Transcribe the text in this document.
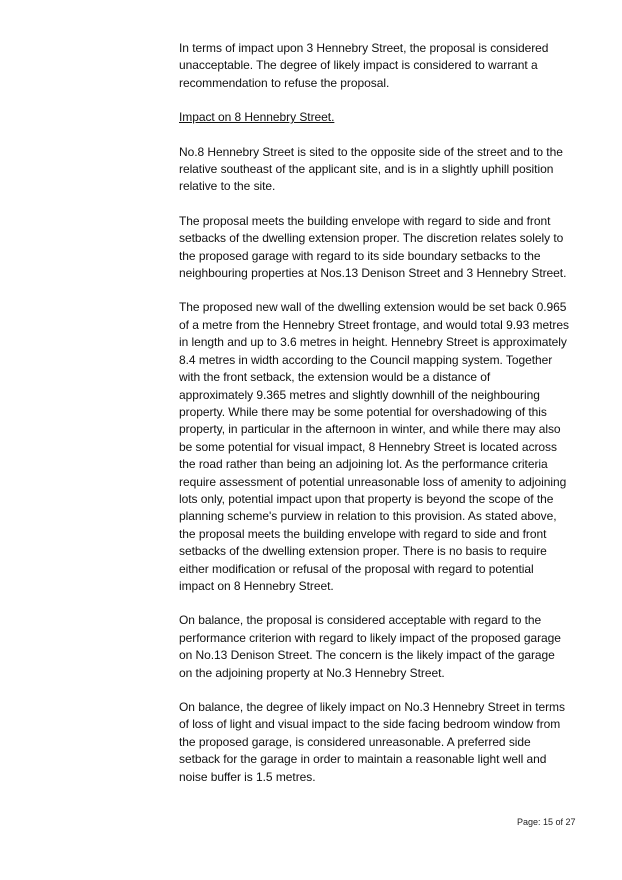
In terms of impact upon 3 Hennebry Street, the proposal is considered
unacceptable. The degree of likely impact is considered to warrant a
recommendation to refuse the proposal.

Impact on 8 Hennebry Street.

No.8 Hennebry Street is sited to the opposite side of the street and to the
relative southeast of the applicant site, and is in a slightly uphill position
relative to the site.

The proposal meets the building envelope with regard to side and front
setbacks of the dwelling extension proper. The discretion relates solely to
the proposed garage with regard to its side boundary setbacks to the
neighbouring properties at Nos.13 Denison Street and 3 Hennebry Street.

The proposed new wall of the dwelling extension would be set back 0.965
of a metre from the Hennebry Street frontage, and would total 9.93 metres
in length and up to 3.6 metres in height. Hennebry Street is approximately
8.4 metres in width according to the Council mapping system. Together
with the front setback, the extension would be a distance of
approximately 9.365 metres and slightly downhill of the neighbouring
property. While there may be some potential for overshadowing of this
property, in particular in the afternoon in winter, and while there may also
be some potential for visual impact, 8 Hennebry Street is located across
the road rather than being an adjoining lot. As the performance criteria
require assessment of potential unreasonable loss of amenity to adjoining
lots only, potential impact upon that property is beyond the scope of the
planning scheme's purview in relation to this provision. As stated above,
the proposal meets the building envelope with regard to side and front
setbacks of the dwelling extension proper. There is no basis to require
either modification or refusal of the proposal with regard to potential
impact on 8 Hennebry Street.

On balance, the proposal is considered acceptable with regard to the
performance criterion with regard to likely impact of the proposed garage
on No.13 Denison Street. The concern is the likely impact of the garage
on the adjoining property at No.3 Hennebry Street.

On balance, the degree of likely impact on No.3 Hennebry Street in terms
of loss of light and visual impact to the side facing bedroom window from
the proposed garage, is considered unreasonable. A preferred side
setback for the garage in order to maintain a reasonable light well and
noise buffer is 1.5 metres.

Page: 15 of 27
